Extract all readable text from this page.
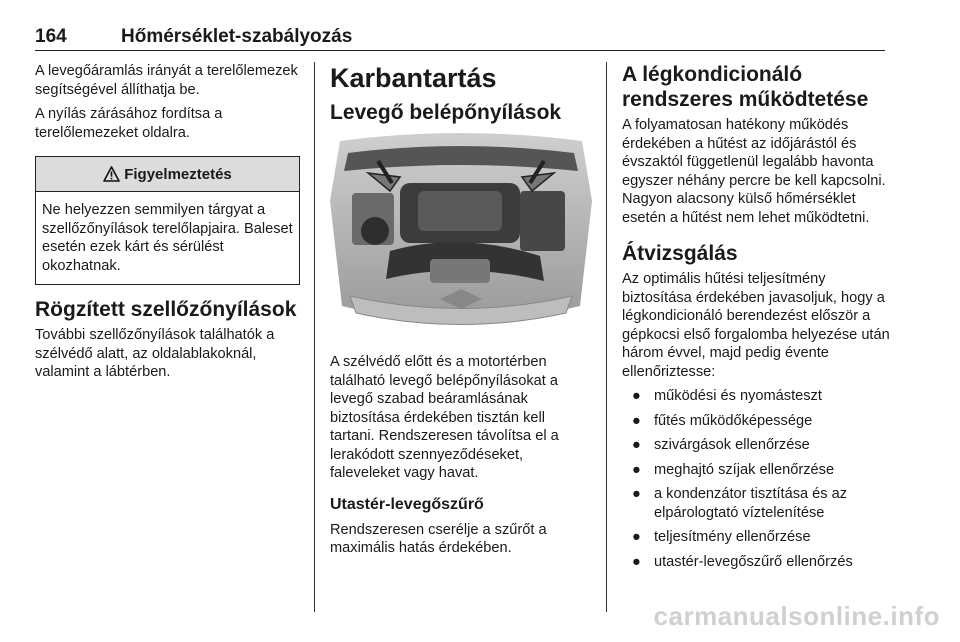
164	Hőmérséklet-szabályozás

A levegőáramlás irányát a terelőlemezek segítségével állíthatja be.

A nyílás zárásához fordítsa a terelőlemezeket oldalra.

Figyelmeztetés

Ne helyezzen semmilyen tárgyat a szellőzőnyílások terelőlapjaira. Baleset esetén ezek kárt és sérülést okozhatnak.

Rögzített szellőzőnyílások

További szellőzőnyílások találhatók a szélvédő alatt, az oldalablakoknál, valamint a lábtérben.

Karbantartás
Levegő belépőnyílások

A szélvédő előtt és a motortérben található levegő belépőnyílásokat a levegő szabad beáramlásának biztosítása érdekében tisztán kell tartani. Rendszeresen távolítsa el a lerakódott szennyeződéseket, faleveleket vagy havat.

Utastér-levegőszűrő

Rendszeresen cserélje a szűrőt a maximális hatás érdekében.

A légkondicionáló rendszeres működtetése

A folyamatosan hatékony működés érdekében a hűtést az időjárástól és évszaktól függetlenül legalább havonta egyszer néhány percre be kell kapcsolni. Nagyon alacsony külső hőmérséklet esetén a hűtést nem lehet működtetni.

Átvizsgálás

Az optimális hűtési teljesítmény biztosítása érdekében javasoljuk, hogy a légkondicionáló berendezést először a gépkocsi első forgalomba helyezése után három évvel, majd pedig évente ellenőriztesse:

● működési és nyomásteszt
● fűtés működőképessége
● szivárgások ellenőrzése
● meghajtó szíjak ellenőrzése
● a kondenzátor tisztítása és az elpárologtató víztelenítése
● teljesítmény ellenőrzése
● utastér-levegőszűrő ellenőrzés
carmanualsonline.info
